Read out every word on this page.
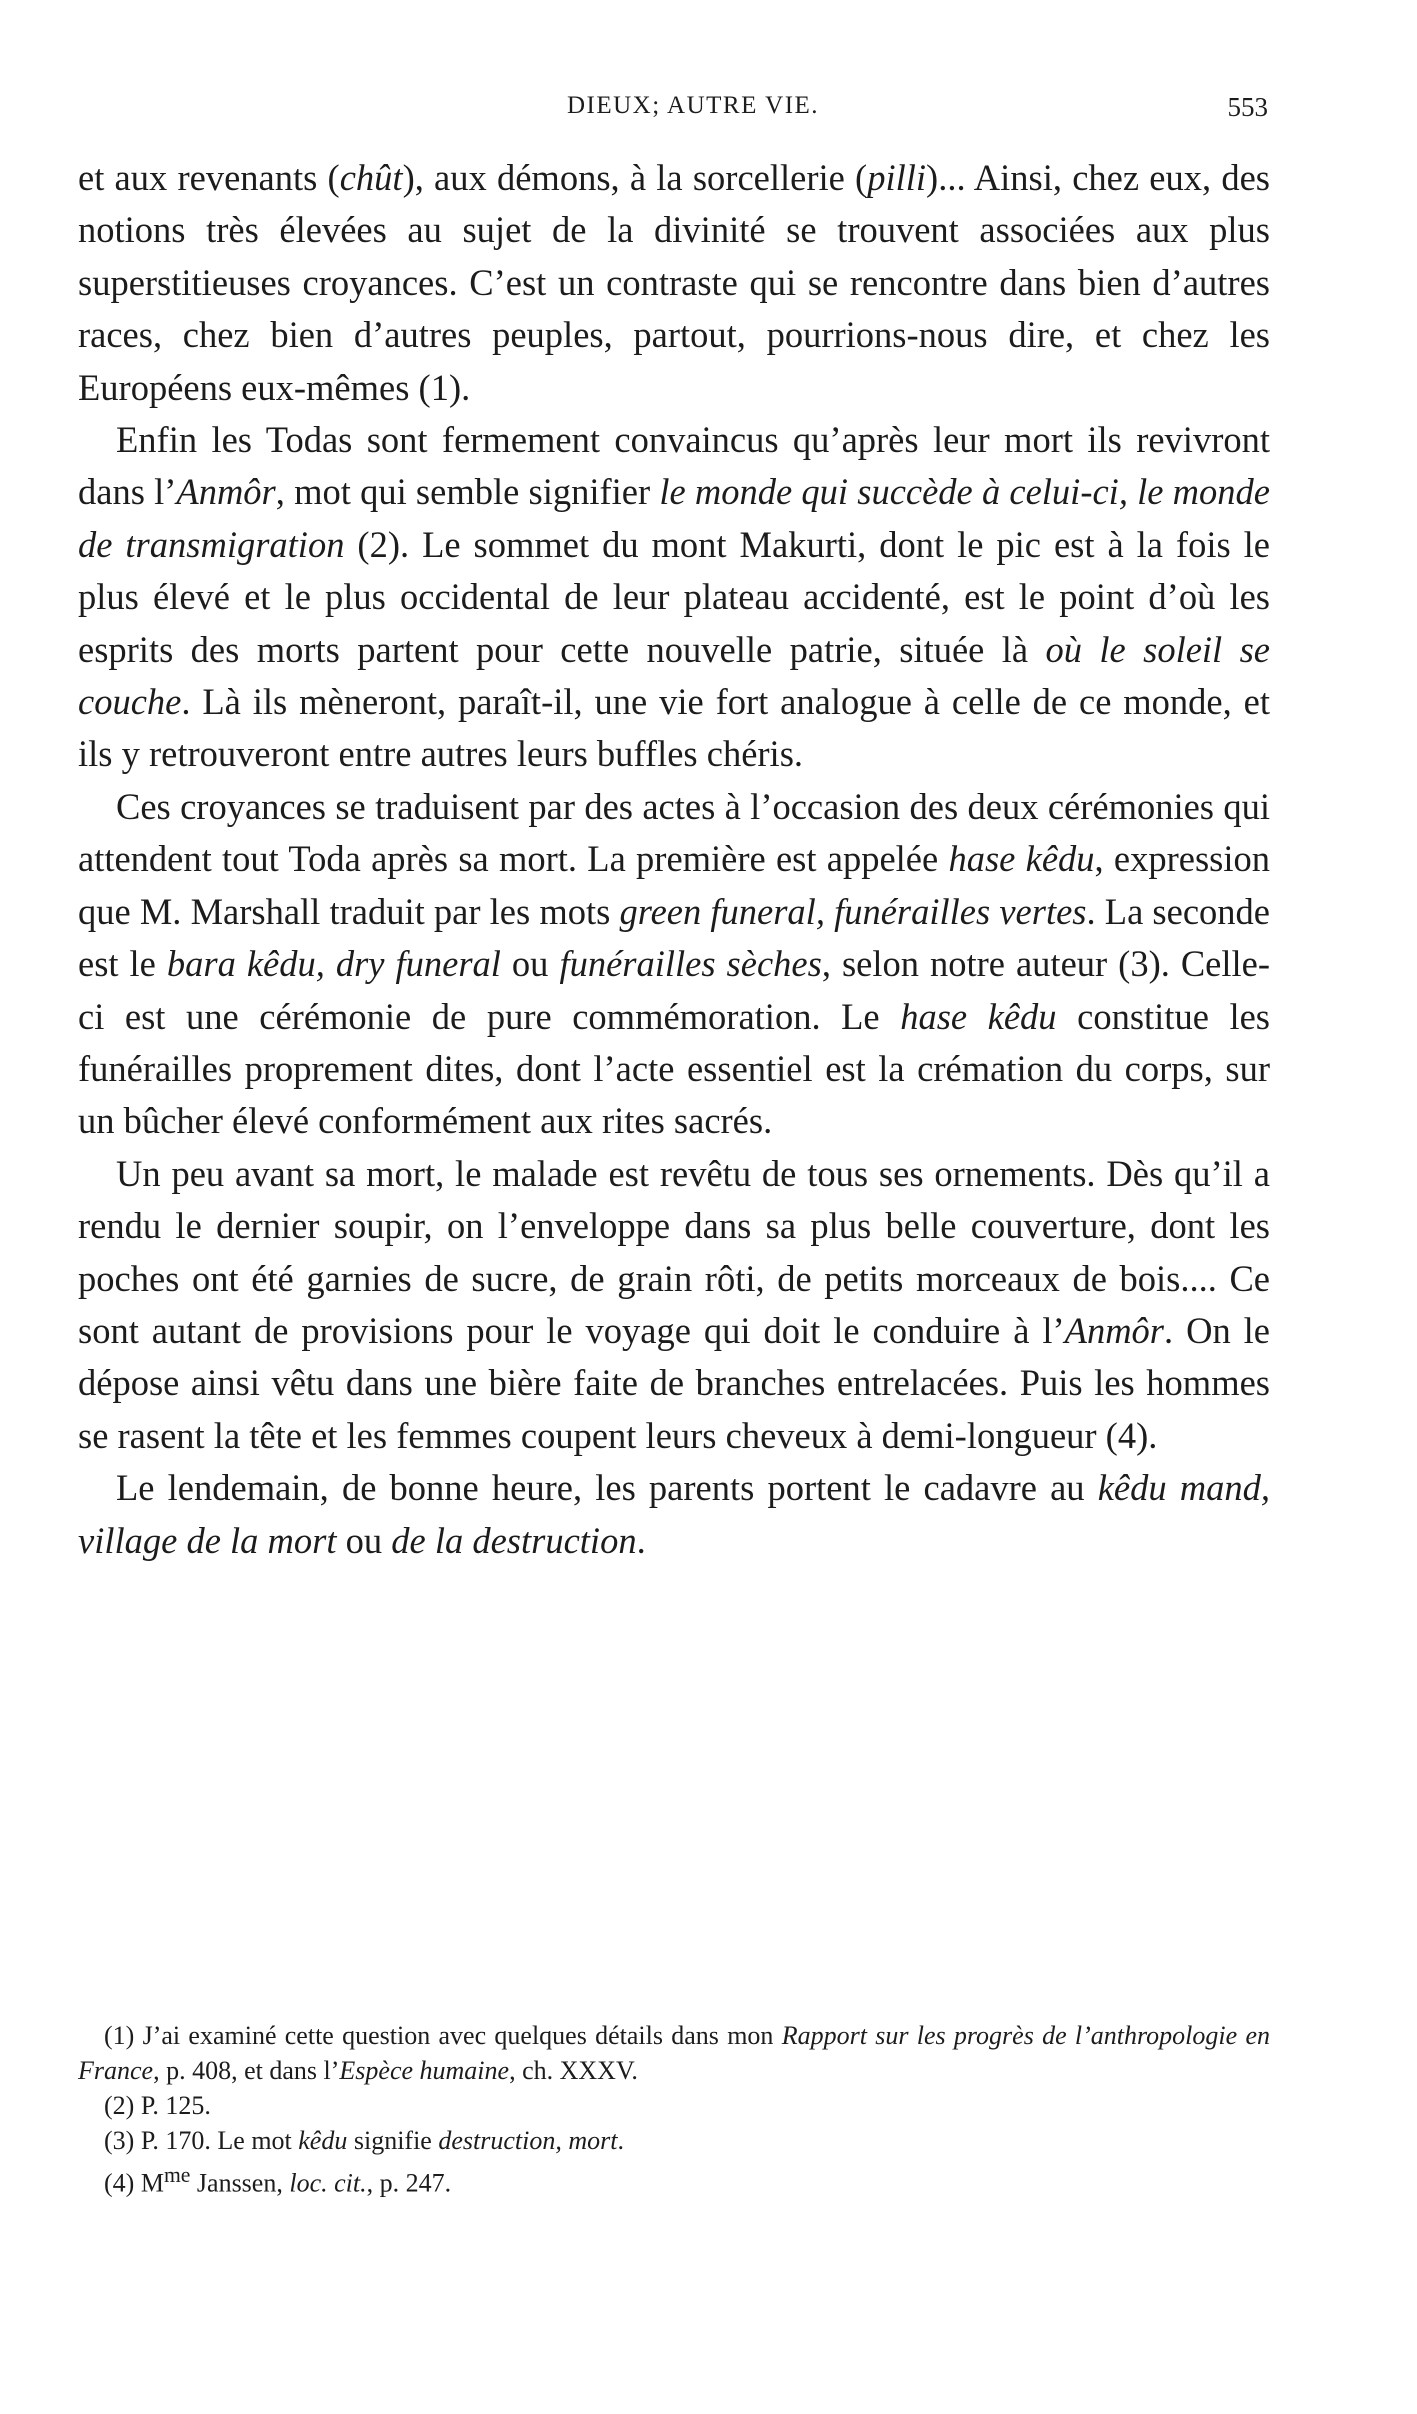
DIEUX; AUTRE VIE.	553

et aux revenants (chût), aux démons, à la sorcellerie (pilli)... Ainsi, chez eux, des notions très élevées au sujet de la divinité se trouvent associées aux plus superstitieuses croyances. C’est un contraste qui se rencontre dans bien d’autres races, chez bien d’autres peuples, partout, pourrions-nous dire, et chez les Européens eux-mêmes (1).

Enfin les Todas sont fermement convaincus qu’après leur mort ils revivront dans l’Anmôr, mot qui semble signifier le monde qui succède à celui-ci, le monde de transmigration (2). Le sommet du mont Makurti, dont le pic est à la fois le plus élevé et le plus occidental de leur plateau accidenté, est le point d’où les esprits des morts partent pour cette nouvelle patrie, située là où le soleil se couche. Là ils mèneront, paraît-il, une vie fort analogue à celle de ce monde, et ils y retrouveront entre autres leurs buffles chéris.

Ces croyances se traduisent par des actes à l’occasion des deux cérémonies qui attendent tout Toda après sa mort. La première est appelée hase kêdu, expression que M. Marshall traduit par les mots green funeral, funérailles vertes. La seconde est le bara kêdu, dry funeral ou funérailles sèches, selon notre auteur (3). Celle-ci est une cérémonie de pure commémoration. Le hase kêdu constitue les funérailles proprement dites, dont l’acte essentiel est la crémation du corps, sur un bûcher élevé conformément aux rites sacrés.

Un peu avant sa mort, le malade est revêtu de tous ses ornements. Dès qu’il a rendu le dernier soupir, on l’enveloppe dans sa plus belle couverture, dont les poches ont été garnies de sucre, de grain rôti, de petits morceaux de bois.... Ce sont autant de provisions pour le voyage qui doit le conduire à l’Anmôr. On le dépose ainsi vêtu dans une bière faite de branches entrelacées. Puis les hommes se rasent la tête et les femmes coupent leurs cheveux à demi-longueur (4).

Le lendemain, de bonne heure, les parents portent le cadavre au kêdu mand, village de la mort ou de la destruction.

(1) J’ai examiné cette question avec quelques détails dans mon Rapport sur les progrès de l’anthropologie en France, p. 408, et dans l’Espèce humaine, ch. XXXV.

(2) P. 125.

(3) P. 170. Le mot kêdu signifie destruction, mort.

(4) $M^{me}$ Janssen, loc. cit., p. 247.
